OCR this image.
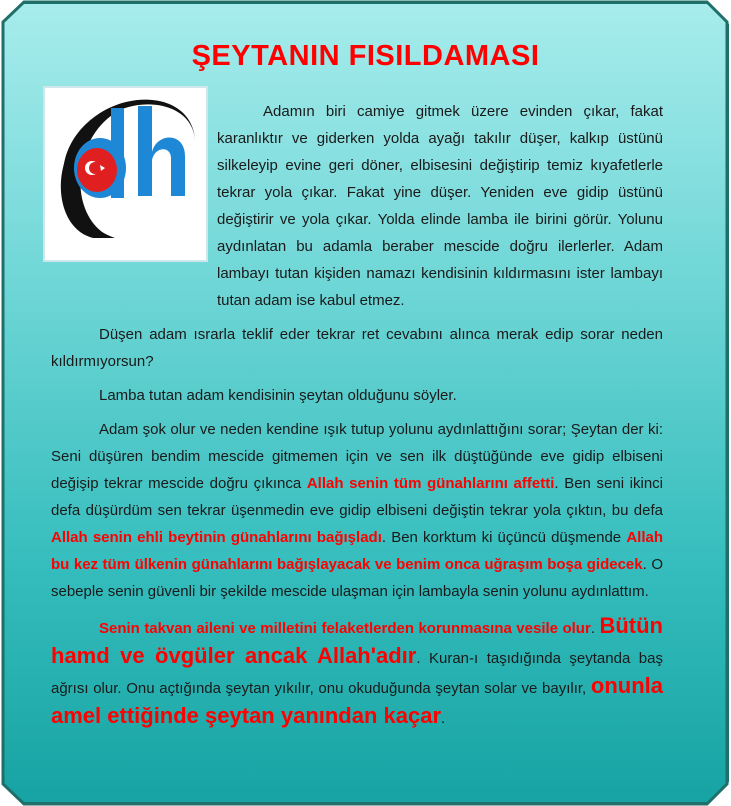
ŞEYTANIN FISILDAMASI

Adamın biri camiye gitmek üzere evinden çıkar, fakat karanlıktır ve giderken yolda ayağı takılır düşer, kalkıp üstünü silkeleyip evine geri döner, elbisesini değiştirip temiz kıyafetlerle tekrar yola çıkar. Fakat yine düşer. Yeniden eve gidip üstünü değiştirir ve yola çıkar. Yolda elinde lamba ile birini görür. Yolunu aydınlatan bu adamla beraber mescide doğru ilerlerler. Adam lambayı tutan kişiden namazı kendisinin kıldırmasını ister lambayı tutan adam ise kabul etmez.

Düşen adam ısrarla teklif eder tekrar ret cevabını alınca merak edip sorar neden kıldırmıyorsun?

Lamba tutan adam kendisinin şeytan olduğunu söyler.

Adam şok olur ve neden kendine ışık tutup yolunu aydınlattığını sorar; Şeytan der ki: Seni düşüren bendim mescide gitmemen için ve sen ilk düştüğünde eve gidip elbiseni değişip tekrar mescide doğru çıkınca Allah senin tüm günahlarını affetti. Ben seni ikinci defa düşürdüm sen tekrar üşenmedin eve gidip elbiseni değiştin tekrar yola çıktın, bu defa Allah senin ehli beytinin günahlarını bağışladı. Ben korktum ki üçüncü düşmende Allah bu kez tüm ülkenin günahlarını bağışlayacak ve benim onca uğraşım boşa gidecek. O sebeple senin güvenli bir şekilde mescide ulaşman için lambayla senin yolunu aydınlattım.

Senin takvan aileni ve milletini felaketlerden korunmasına vesile olur. Bütün hamd ve övgüler ancak Allah'adır. Kuran-ı taşıdığında şeytanda baş ağrısı olur. Onu açtığında şeytan yıkılır, onu okuduğunda şeytan solar ve bayılır, onunla amel ettiğinde şeytan yanından kaçar.
